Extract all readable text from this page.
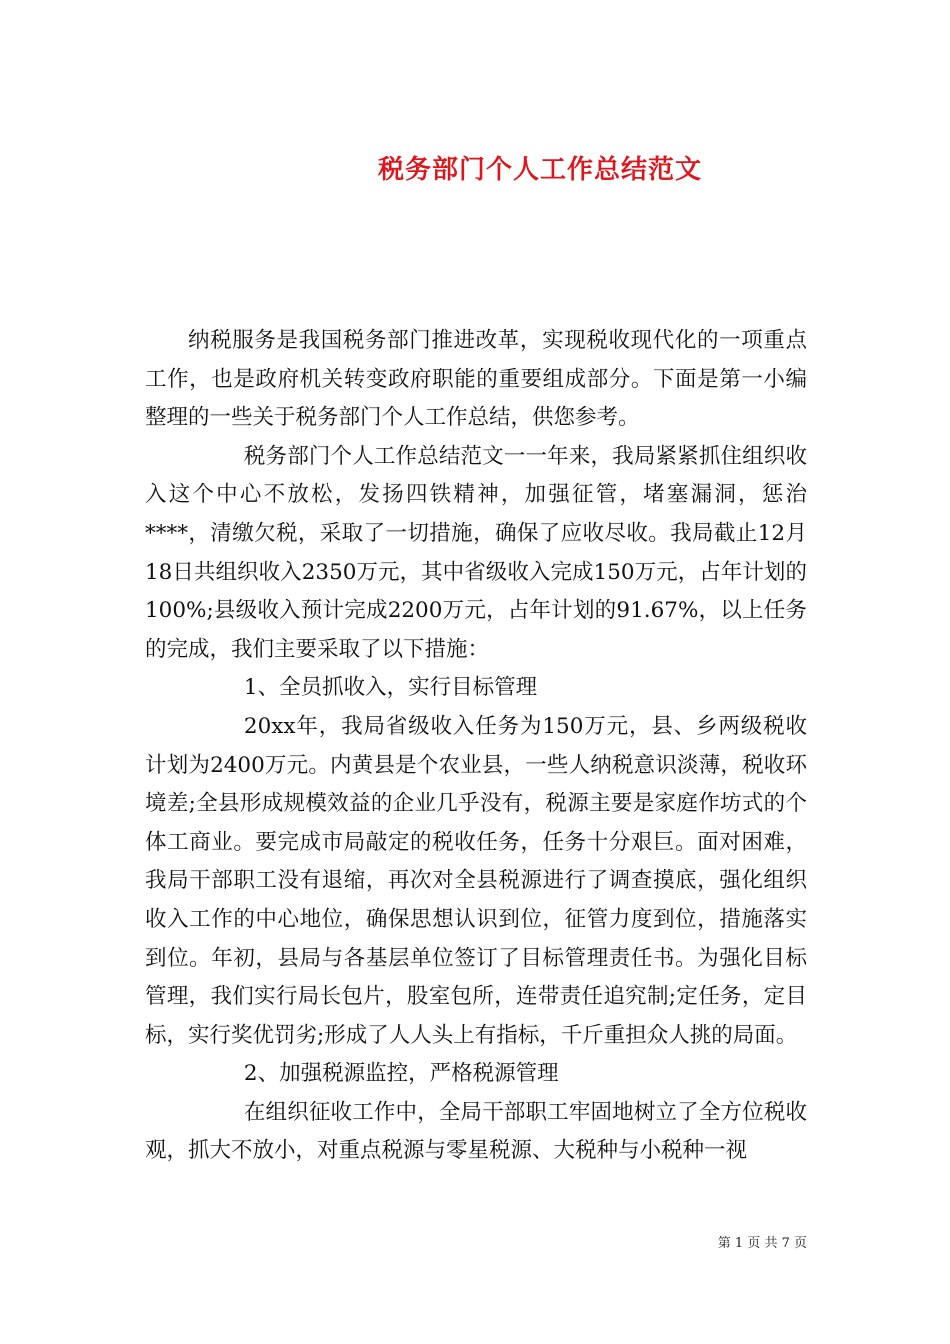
税务部门个人工作总结范文

纳税服务是我国税务部门推进改革，实现税收现代化的一项重点工作，也是政府机关转变政府职能的重要组成部分。下面是第一小编整理的一些关于税务部门个人工作总结，供您参考。

税务部门个人工作总结范文一一年来，我局紧紧抓住组织收入这个中心不放松，发扬四铁精神，加强征管，堵塞漏洞，惩治****，清缴欠税，采取了一切措施，确保了应收尽收。我局截止12月18日共组织收入2350万元，其中省级收入完成150万元，占年计划的100%;县级收入预计完成2200万元，占年计划的91.67%，以上任务的完成，我们主要采取了以下措施：

1、全员抓收入，实行目标管理

20xx年，我局省级收入任务为150万元，县、乡两级税收计划为2400万元。内黄县是个农业县，一些人纳税意识淡薄，税收环境差;全县形成规模效益的企业几乎没有，税源主要是家庭作坊式的个体工商业。要完成市局敲定的税收任务，任务十分艰巨。面对困难，我局干部职工没有退缩，再次对全县税源进行了调查摸底，强化组织收入工作的中心地位，确保思想认识到位，征管力度到位，措施落实到位。年初，县局与各基层单位签订了目标管理责任书。为强化目标管理，我们实行局长包片，股室包所，连带责任追究制;定任务，定目标，实行奖优罚劣;形成了人人头上有指标，千斤重担众人挑的局面。

2、加强税源监控，严格税源管理

在组织征收工作中，全局干部职工牢固地树立了全方位税收观，抓大不放小，对重点税源与零星税源、大税种与小税种一视

第 1 页 共 7 页
